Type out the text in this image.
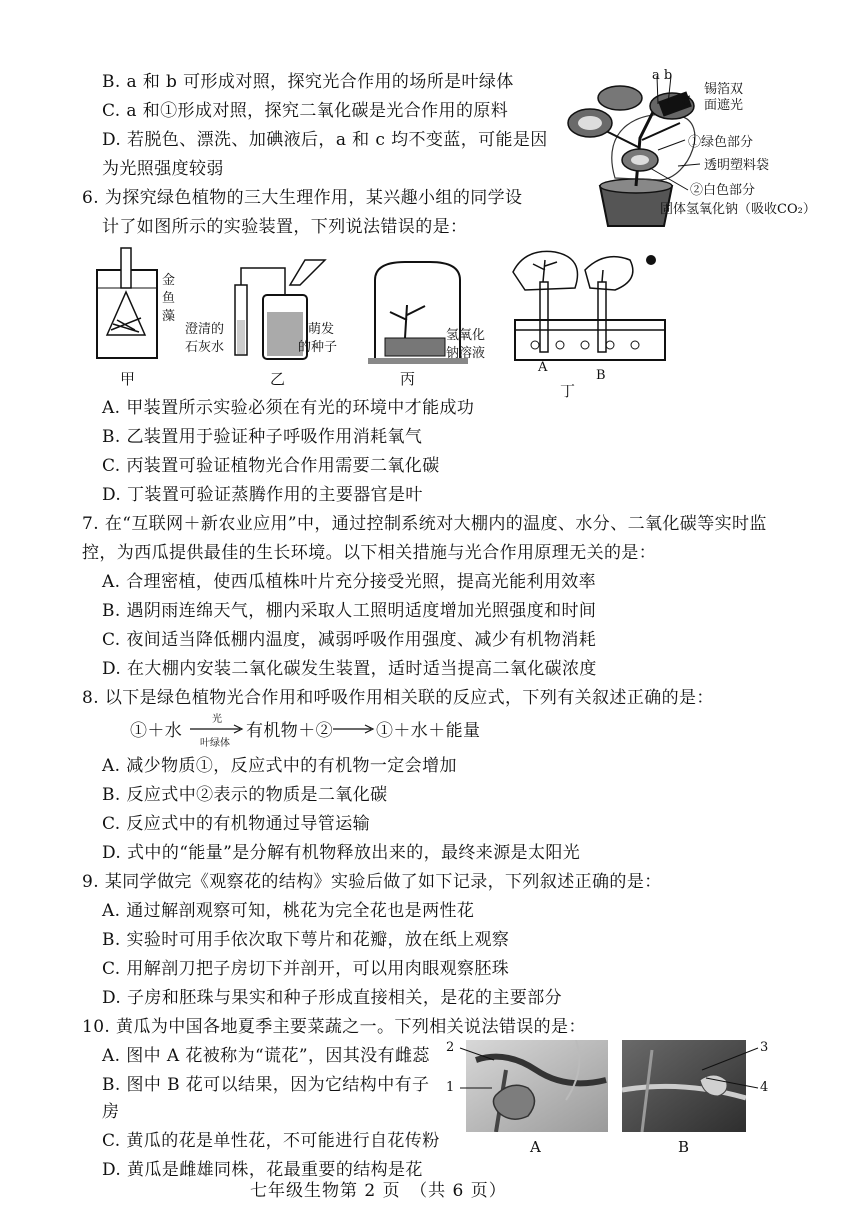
B. a 和 b 可形成对照，探究光合作用的场所是叶绿体
C. a 和①形成对照，探究二氧化碳是光合作用的原料
D. 若脱色、漂洗、加碘液后，a 和 c 均不变蓝，可能是因
为光照强度较弱
a b
c
锡箔双
面遮光
①绿色部分
透明塑料袋
②白色部分
固体氢氧化钠（吸收CO₂）
6. 为探究绿色植物的三大生理作用，某兴趣小组的同学设
计了如图所示的实验装置，下列说法错误的是：
金
鱼
藻
澄清的
石灰水
萌发
的种子
氢氧化
钠溶液
A
B
甲	乙	丙
丁
A. 甲装置所示实验必须在有光的环境中才能成功
B. 乙装置用于验证种子呼吸作用消耗氧气
C. 丙装置可验证植物光合作用需要二氧化碳
D. 丁装置可验证蒸腾作用的主要器官是叶
7. 在“互联网＋新农业应用”中，通过控制系统对大棚内的温度、水分、二氧化碳等实时监
控，为西瓜提供最佳的生长环境。以下相关措施与光合作用原理无关的是：
A. 合理密植，使西瓜植株叶片充分接受光照，提高光能利用效率
B. 遇阴雨连绵天气，棚内采取人工照明适度增加光照强度和时间
C. 夜间适当降低棚内温度，减弱呼吸作用强度、减少有机物消耗
D. 在大棚内安装二氧化碳发生装置，适时适当提高二氧化碳浓度
8. 以下是绿色植物光合作用和呼吸作用相关联的反应式，下列有关叙述正确的是：
①＋水
光
叶绿体
有机物＋②	①＋水＋能量
A. 减少物质①，反应式中的有机物一定会增加
B. 反应式中②表示的物质是二氧化碳
C. 反应式中的有机物通过导管运输
D. 式中的“能量”是分解有机物释放出来的，最终来源是太阳光
9. 某同学做完《观察花的结构》实验后做了如下记录，下列叙述正确的是：
A. 通过解剖观察可知，桃花为完全花也是两性花
B. 实验时可用手依次取下萼片和花瓣，放在纸上观察
C. 用解剖刀把子房切下并剖开，可以用肉眼观察胚珠
D. 子房和胚珠与果实和种子形成直接相关，是花的主要部分
10. 黄瓜为中国各地夏季主要菜蔬之一。下列相关说法错误的是：
A. 图中 A 花被称为“谎花”，因其没有雌蕊
B. 图中 B 花可以结果，因为它结构中有子
房
C. 黄瓜的花是单性花，不可能进行自花传粉
D. 黄瓜是雌雄同株，花最重要的结构是花
2
1
3
4
A	B
七年级生物第 2 页　（共 6 页）
